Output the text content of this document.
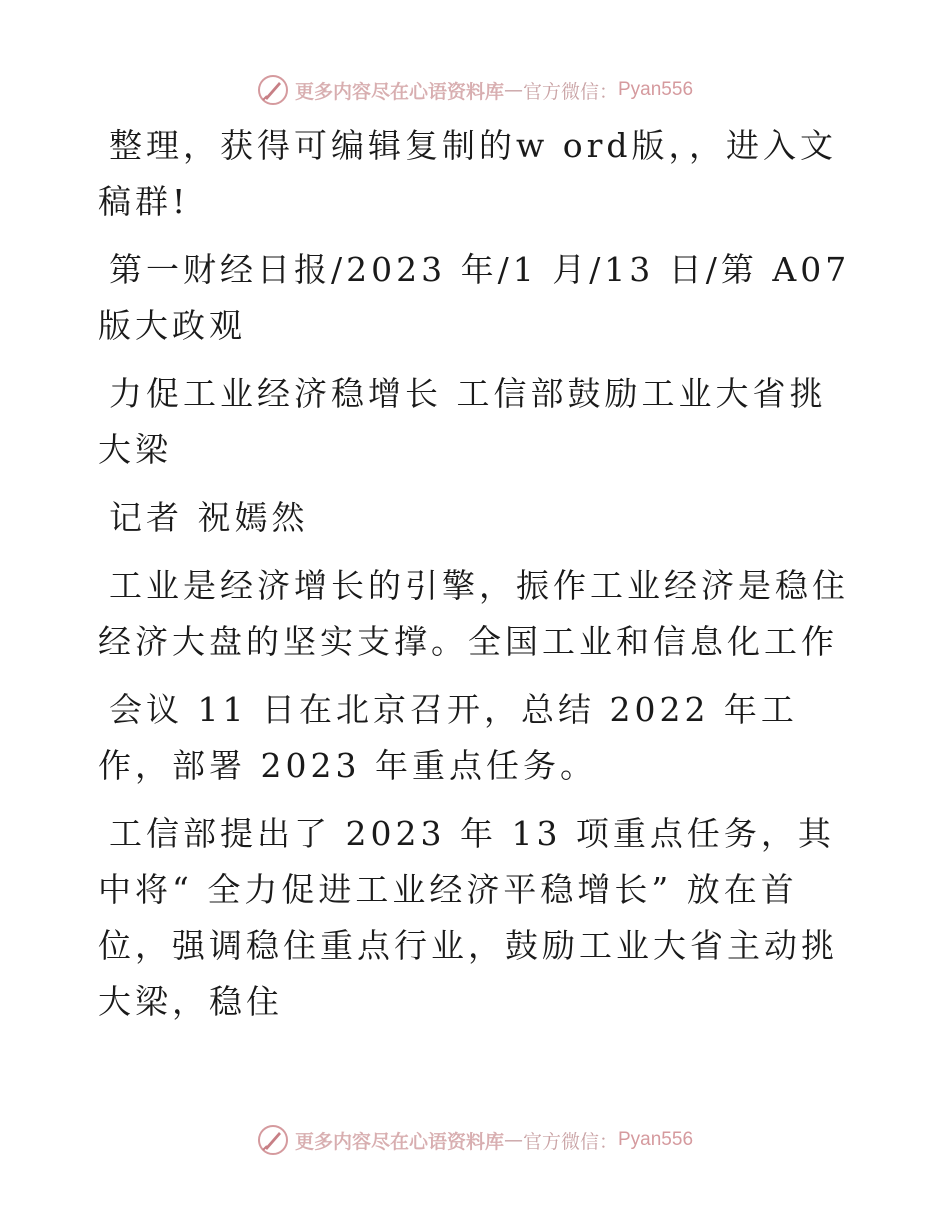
更多内容尽在心语资料库 — 官方微信： Pyan556

整理，获得可编辑复制的w ord版，，进入文稿群!

第一财经日报/2023 年/1 月/13 日/第 A07 版大政观

力促工业经济稳增长 工信部鼓励工业大省挑大梁

记者 祝嫣然

工业是经济增长的引擎，振作工业经济是稳住经济大盘的坚实支撑。全国工业和信息化工作

会议 11 日在北京召开，总结 2022 年工作，部署 2023 年重点任务。

工信部提出了 2023 年 13 项重点任务，其中将“ 全力促进工业经济平稳增长” 放在首位，强调稳住重点行业，鼓励工业大省主动挑大梁，稳住

更多内容尽在心语资料库 — 官方微信： Pyan556
